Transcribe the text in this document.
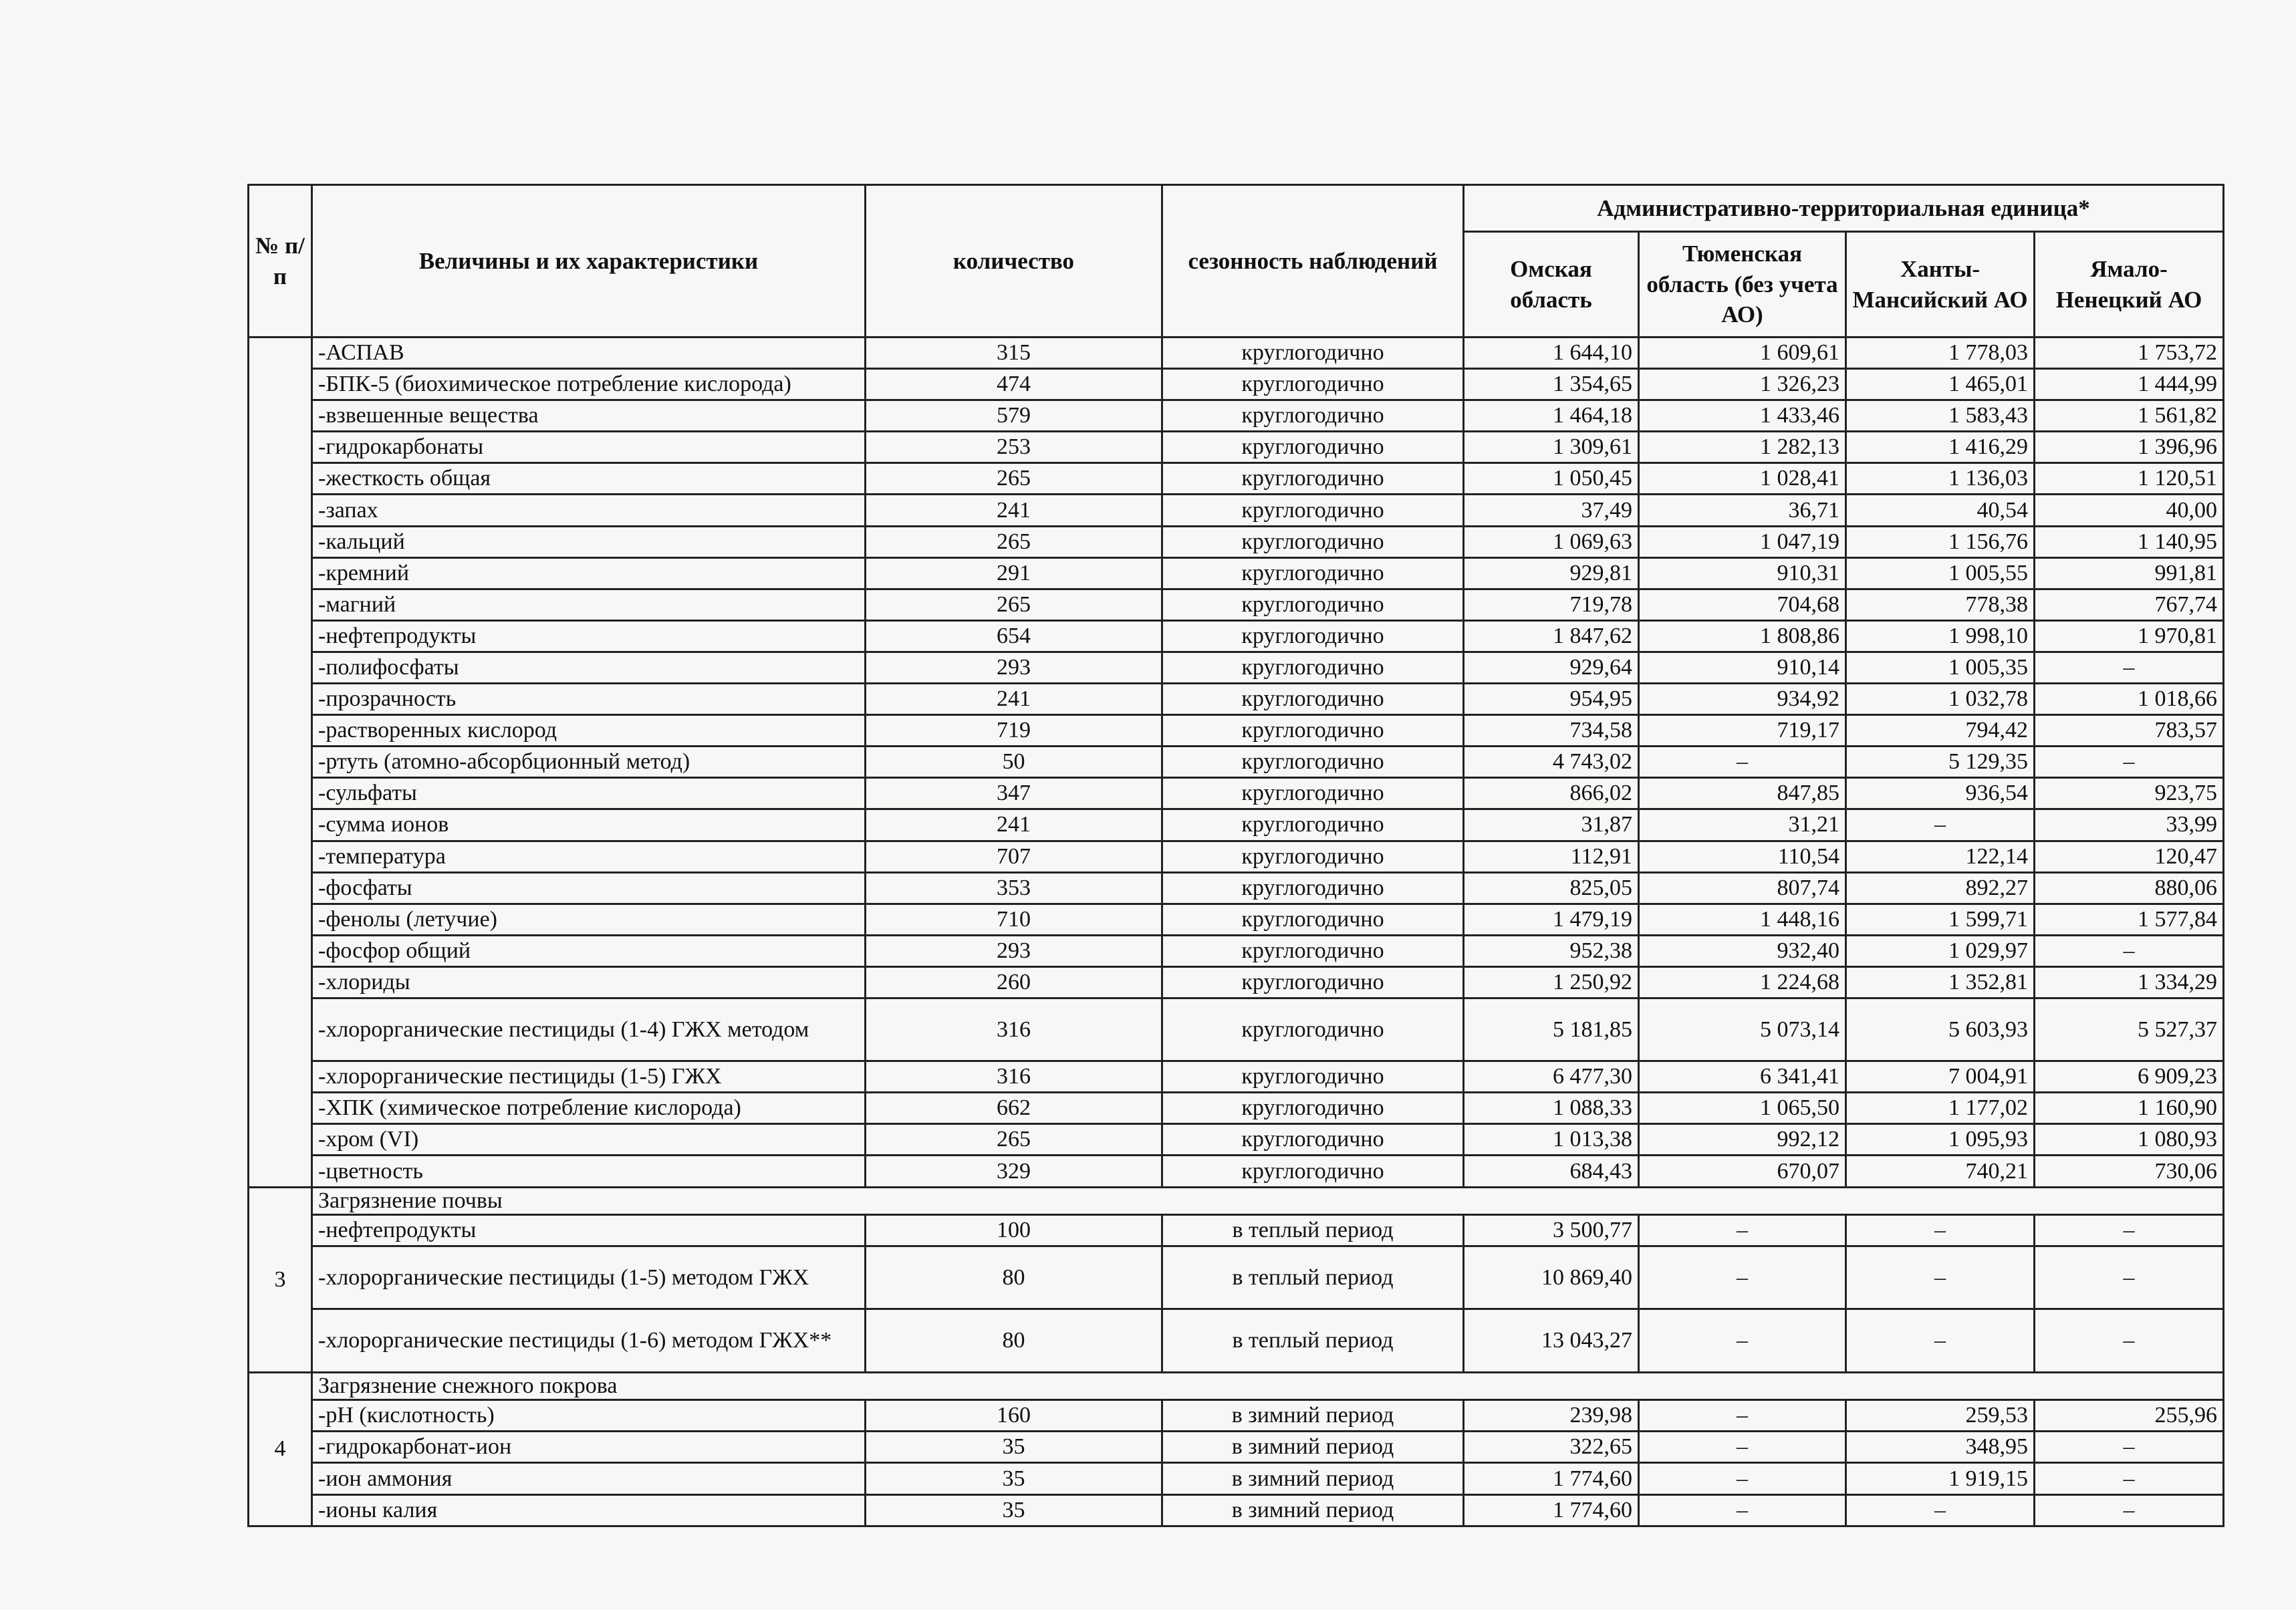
№ п/п	Величины и их характеристики	количество	сезонность наблюдений	Административно-территориальная единица*			
				Омская область	Тюменская область (без учета АО)	Ханты-Мансийский АО	Ямало-Ненецкий АО
	-АСПАВ	315	круглогодично	1 644,10	1 609,61	1 778,03	1 753,72
	-БПК-5 (биохимическое потребление кислорода)	474	круглогодично	1 354,65	1 326,23	1 465,01	1 444,99
	-взвешенные вещества	579	круглогодично	1 464,18	1 433,46	1 583,43	1 561,82
	-гидрокарбонаты	253	круглогодично	1 309,61	1 282,13	1 416,29	1 396,96
	-жесткость общая	265	круглогодично	1 050,45	1 028,41	1 136,03	1 120,51
	-запах	241	круглогодично	37,49	36,71	40,54	40,00
	-кальций	265	круглогодично	1 069,63	1 047,19	1 156,76	1 140,95
	-кремний	291	круглогодично	929,81	910,31	1 005,55	991,81
	-магний	265	круглогодично	719,78	704,68	778,38	767,74
	-нефтепродукты	654	круглогодично	1 847,62	1 808,86	1 998,10	1 970,81
	-полифосфаты	293	круглогодично	929,64	910,14	1 005,35	–
	-прозрачность	241	круглогодично	954,95	934,92	1 032,78	1 018,66
	-растворенных кислород	719	круглогодично	734,58	719,17	794,42	783,57
	-ртуть (атомно-абсорбционный метод)	50	круглогодично	4 743,02	–	5 129,35	–
	-сульфаты	347	круглогодично	866,02	847,85	936,54	923,75
	-сумма ионов	241	круглогодично	31,87	31,21	–	33,99
	-температура	707	круглогодично	112,91	110,54	122,14	120,47
	-фосфаты	353	круглогодично	825,05	807,74	892,27	880,06
	-фенолы (летучие)	710	круглогодично	1 479,19	1 448,16	1 599,71	1 577,84
	-фосфор общий	293	круглогодично	952,38	932,40	1 029,97	–
	-хлориды	260	круглогодично	1 250,92	1 224,68	1 352,81	1 334,29
	-хлорорганические пестициды (1-4) ГЖХ методом	316	круглогодично	5 181,85	5 073,14	5 603,93	5 527,37
	-хлорорганические пестициды (1-5) ГЖХ	316	круглогодично	6 477,30	6 341,41	7 004,91	6 909,23
	-ХПК (химическое потребление кислорода)	662	круглогодично	1 088,33	1 065,50	1 177,02	1 160,90
	-хром (VI)	265	круглогодично	1 013,38	992,12	1 095,93	1 080,93
	-цветность	329	круглогодично	684,43	670,07	740,21	730,06
3	Загрязнение почвы						
	-нефтепродукты	100	в теплый период	3 500,77	–	–	–
	-хлорорганические пестициды (1-5) методом ГЖХ	80	в теплый период	10 869,40	–	–	–
	-хлорорганические пестициды (1-6) методом ГЖХ**	80	в теплый период	13 043,27	–	–	–
4	Загрязнение снежного покрова						
	-pH (кислотность)	160	в зимний период	239,98	–	259,53	255,96
	-гидрокарбонат-ион	35	в зимний период	322,65	–	348,95	–
	-ион аммония	35	в зимний период	1 774,60	–	1 919,15	–
	-ионы калия	35	в зимний период	1 774,60	–	–	–
